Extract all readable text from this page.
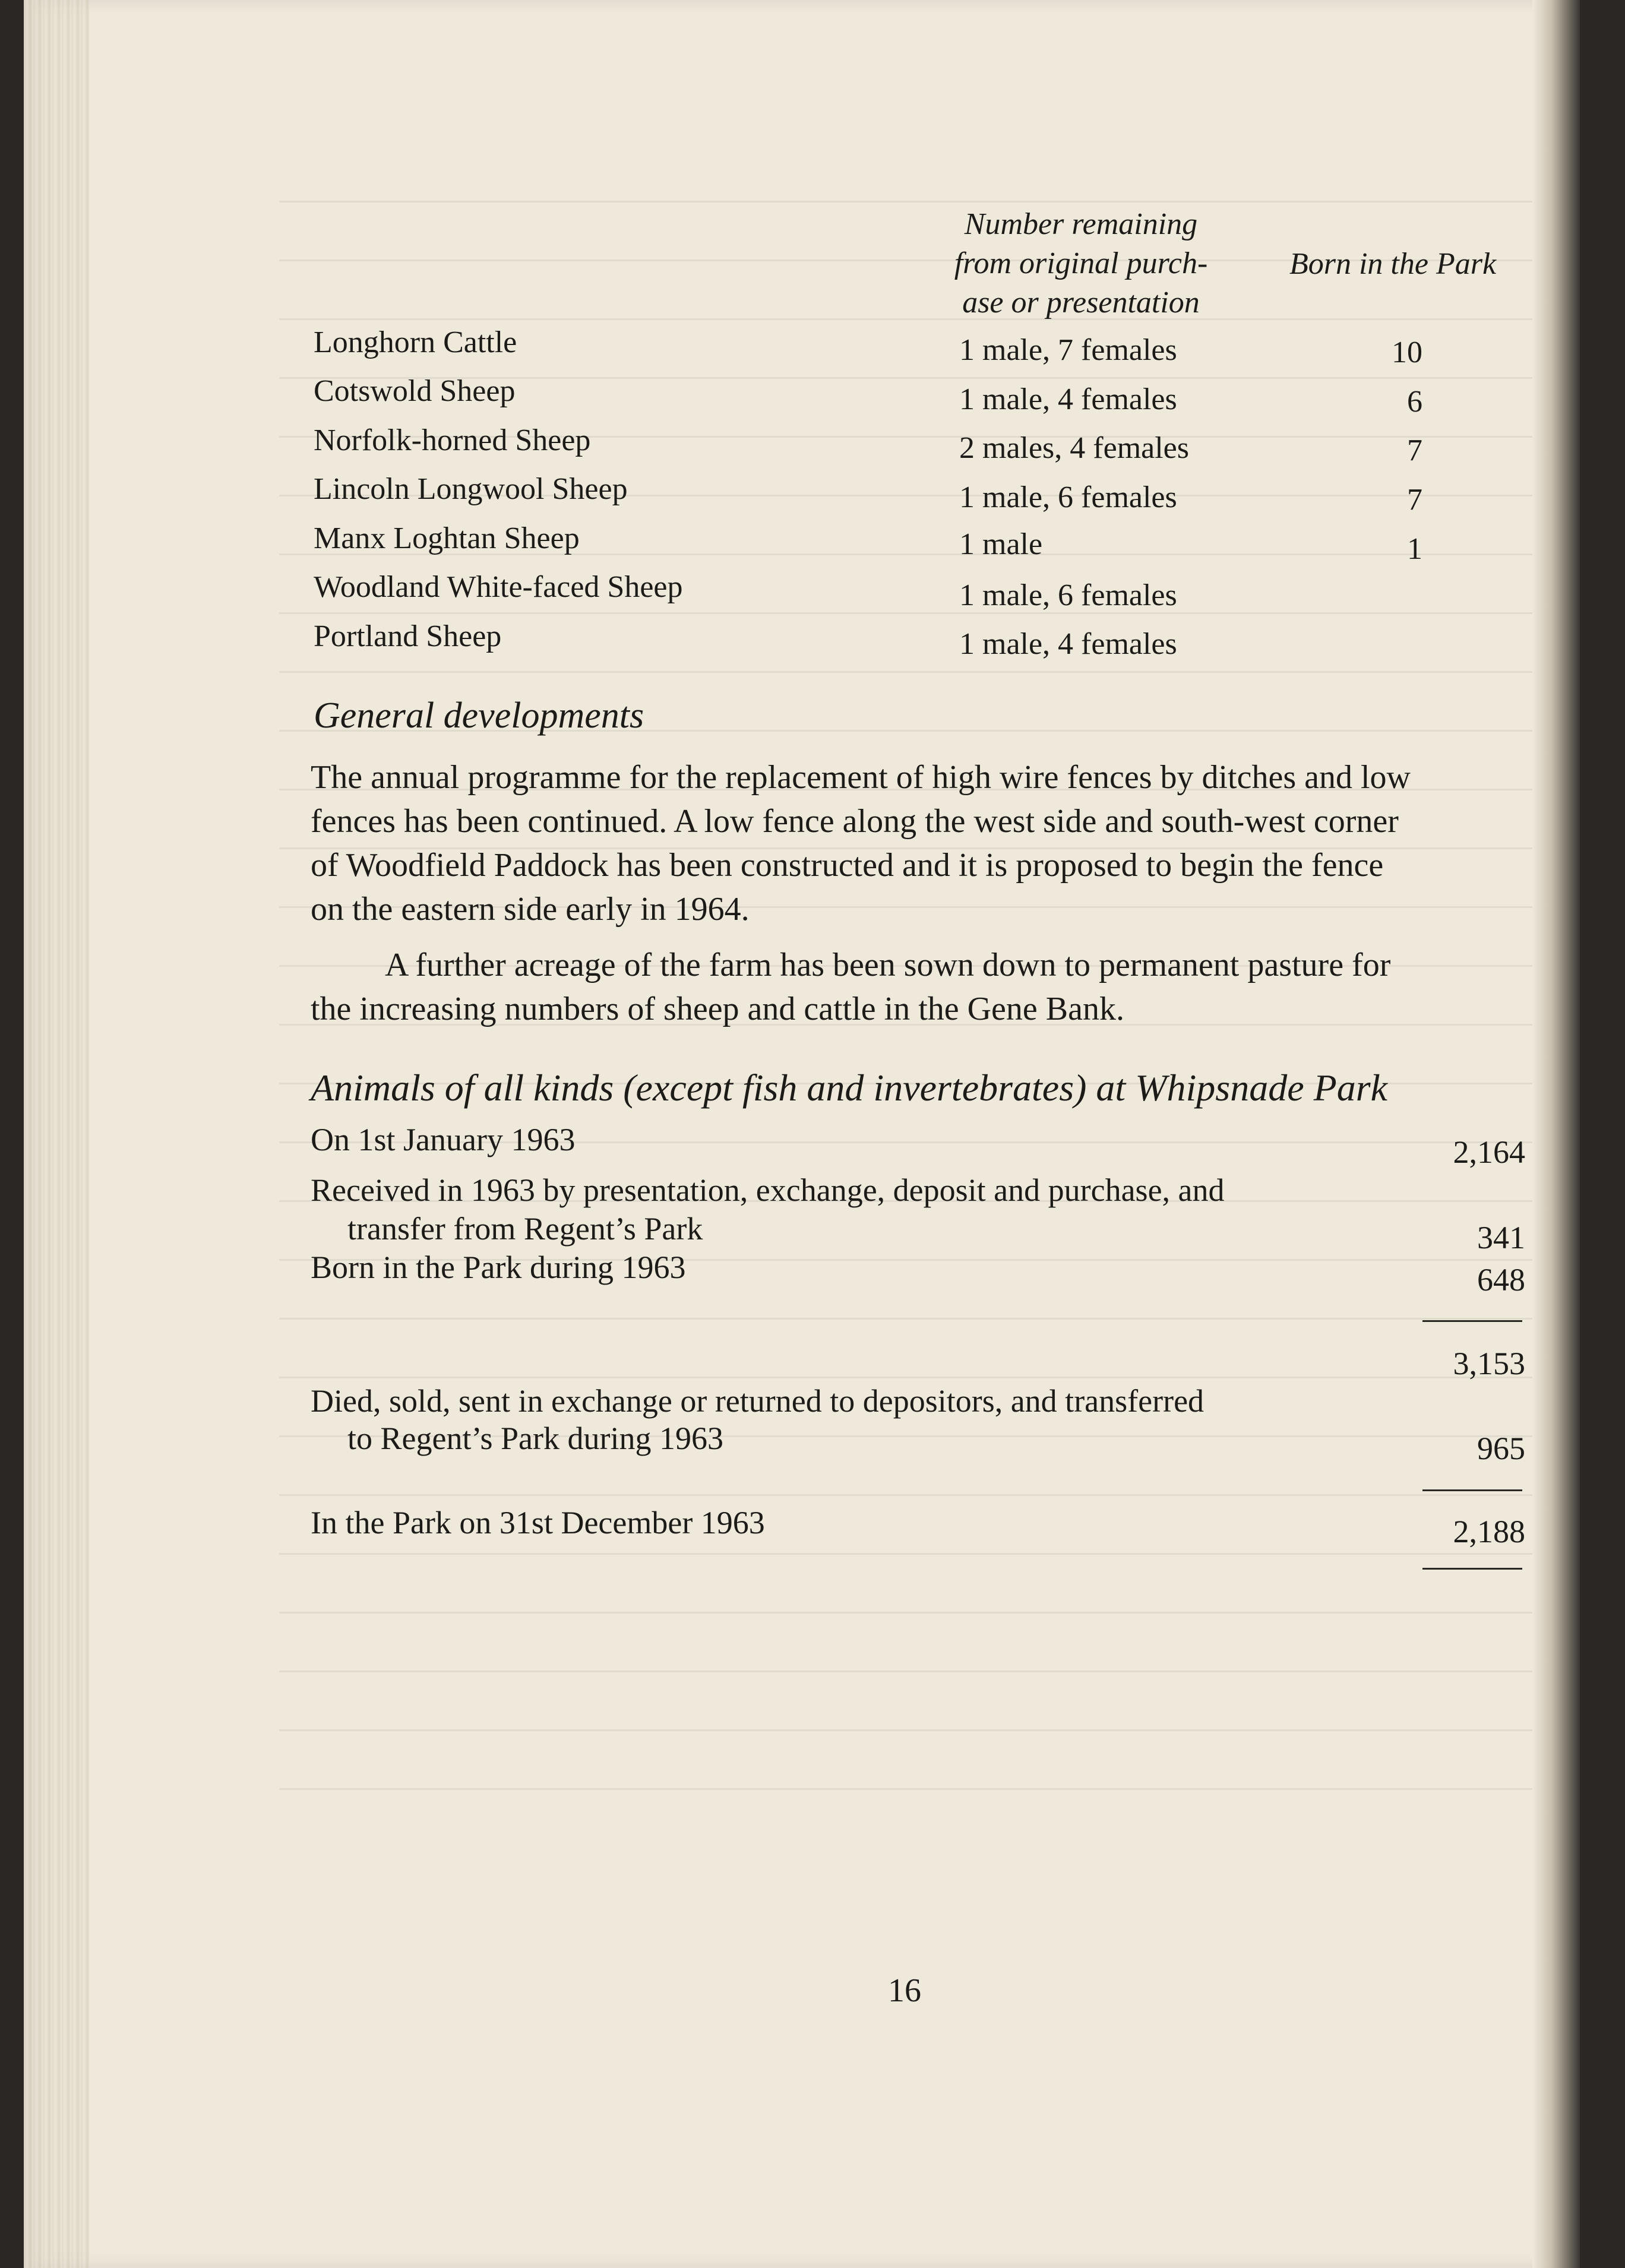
Number remaining
from original purch-
ase or presentation
Born in the Park
Longhorn Cattle	1 male, 7 females	10
Cotswold Sheep	1 male, 4 females	6
Norfolk-horned Sheep	2 males, 4 females	7
Lincoln Longwool Sheep	1 male, 6 females	7
Manx Loghtan Sheep	1 male	1
Woodland White-faced Sheep	1 male, 6 females
Portland Sheep	1 male, 4 females
General developments

The annual programme for the replacement of high wire fences by ditches and low

fences has been continued. A low fence along the west side and south-west corner

of Woodfield Paddock has been constructed and it is proposed to begin the fence

on the eastern side early in 1964.

A further acreage of the farm has been sown down to permanent pasture for

the increasing numbers of sheep and cattle in the Gene Bank.

Animals of all kinds (except fish and invertebrates) at Whipsnade Park
On 1st January 1963	2,164
Received in 1963 by presentation, exchange, deposit and purchase, and
transfer from Regent’s Park	341
Born in the Park during 1963	648
3,153
Died, sold, sent in exchange or returned to depositors, and transferred
to Regent’s Park during 1963	965
In the Park on 31st December 1963	2,188
16
